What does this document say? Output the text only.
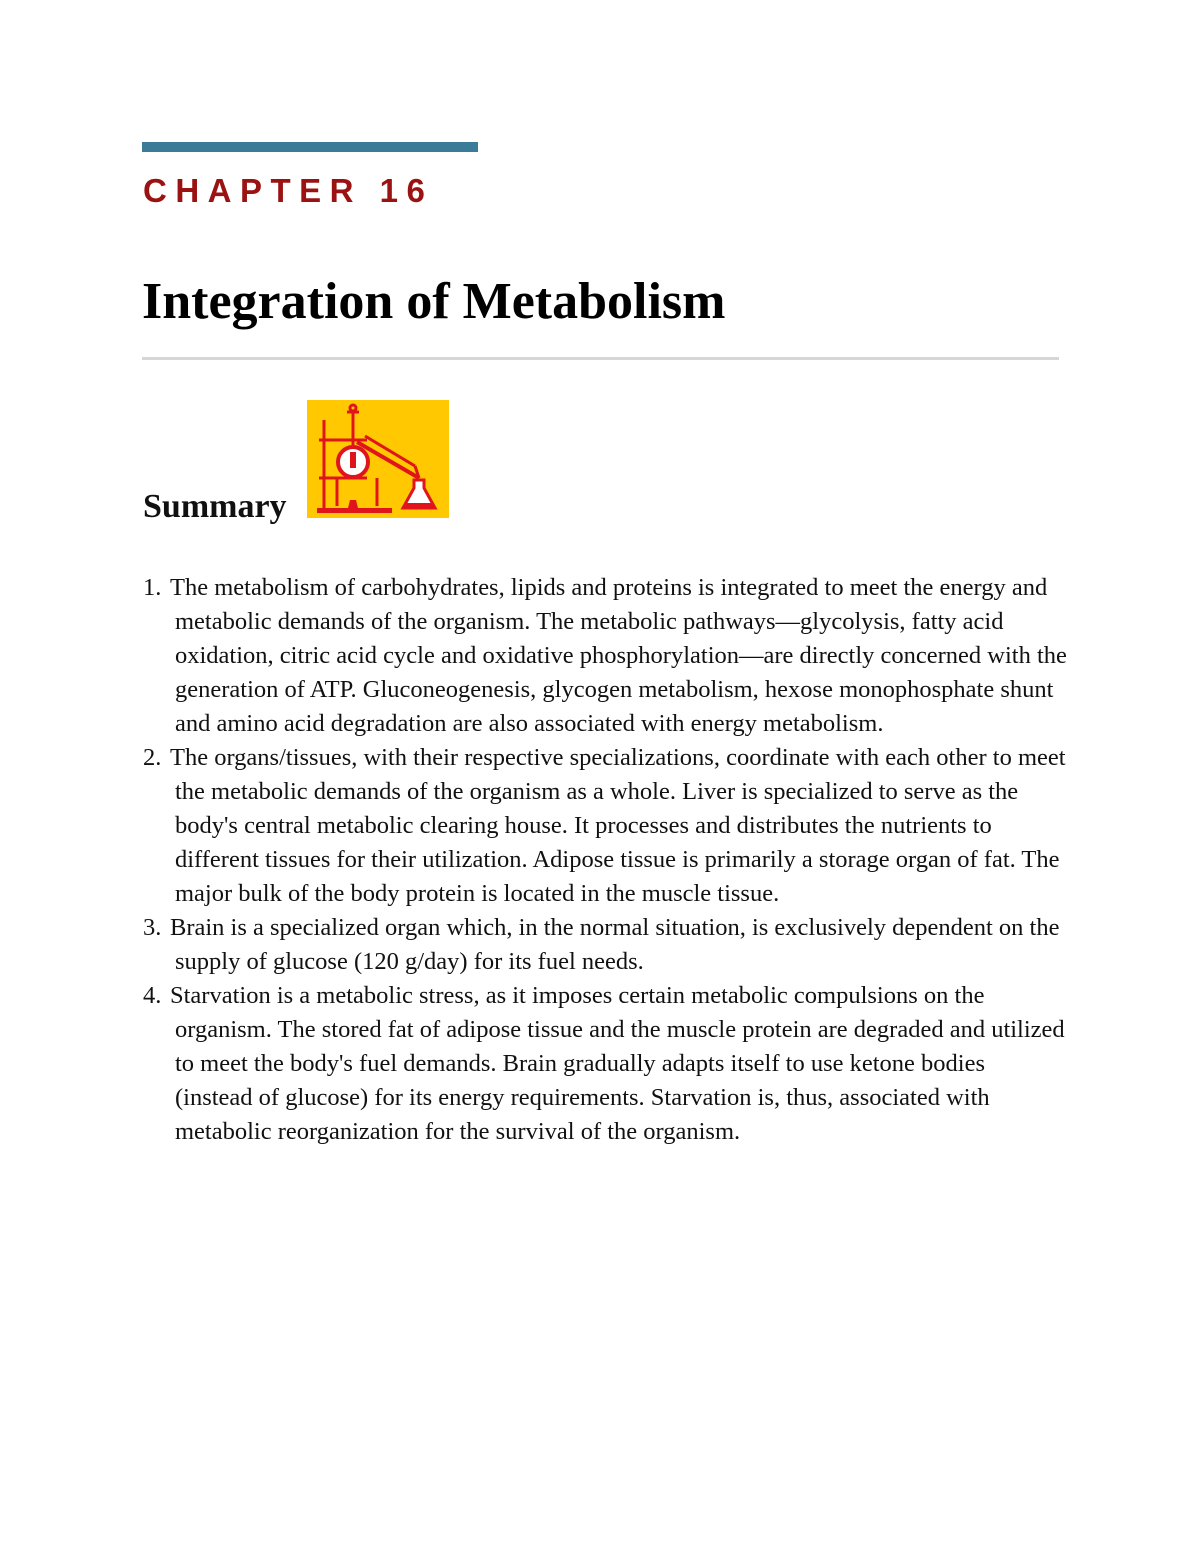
CHAPTER 16
Integration of Metabolism
Summary
1. The metabolism of carbohydrates, lipids and proteins is integrated to meet the energy and metabolic demands of the organism. The metabolic pathways—glycolysis, fatty acid oxidation, citric acid cycle and oxidative phosphorylation—are directly concerned with the generation of ATP. Gluconeogenesis, glycogen metabolism, hexose monophosphate shunt and amino acid degradation are also associated with energy metabolism.
2. The organs/tissues, with their respective specializations, coordinate with each other to meet the metabolic demands of the organism as a whole. Liver is specialized to serve as the body's central metabolic clearing house. It processes and distributes the nutrients to different tissues for their utilization. Adipose tissue is primarily a storage organ of fat. The major bulk of the body protein is located in the muscle tissue.
3. Brain is a specialized organ which, in the normal situation, is exclusively dependent on the supply of glucose (120 g/day) for its fuel needs.
4. Starvation is a metabolic stress, as it imposes certain metabolic compulsions on the organism. The stored fat of adipose tissue and the muscle protein are degraded and utilized to meet the body's fuel demands. Brain gradually adapts itself to use ketone bodies (instead of glucose) for its energy requirements. Starvation is, thus, associated with metabolic reorganization for the survival of the organism.
